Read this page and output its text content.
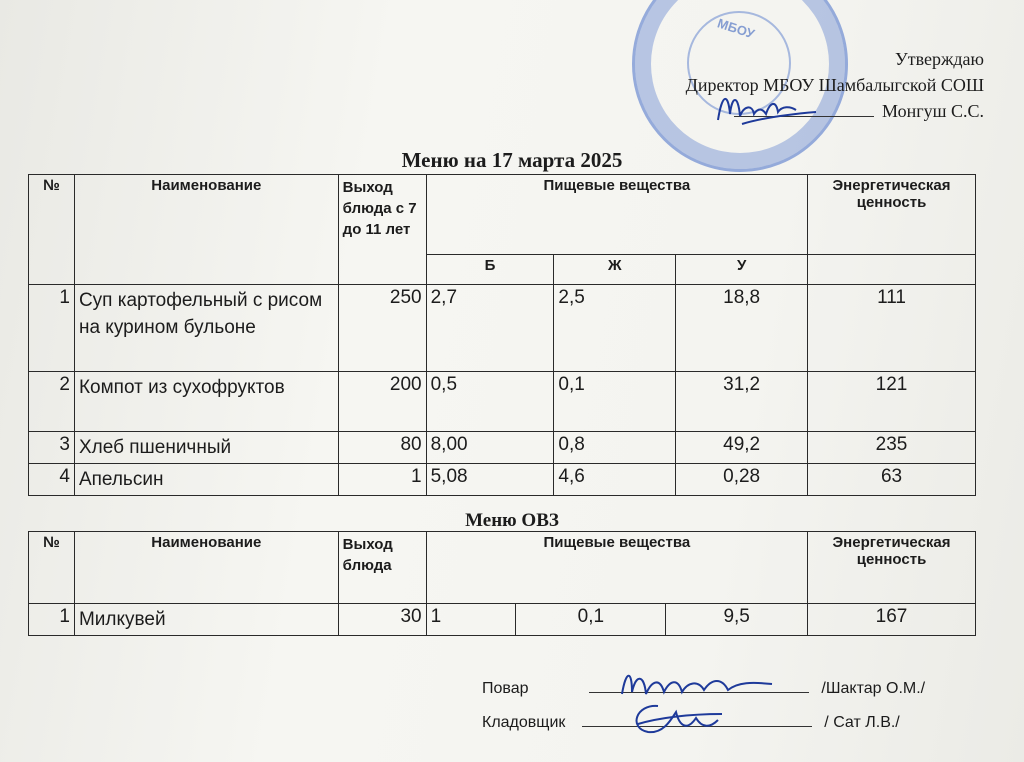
МБОУ
Утверждаю
Директор МБОУ Шамбалыгской СОШ
Монгуш С.С.
Меню на 17 марта 2025
№	Наименование	Выход блюда с 7 до 11 лет	Пищевые вещества			Энергетическая ценность
			Б	Ж	У	
1	Суп картофельный с рисом на курином бульоне	250	2,7	2,5	18,8	111
2	Компот из сухофруктов	200	0,5	0,1	31,2	121
3	Хлеб пшеничный	80	8,00	0,8	49,2	235
4	Апельсин	1	5,08	4,6	0,28	63
Меню ОВЗ
№	Наименование	Выход блюда	Пищевые вещества			Энергетическая ценность
1	Милкувей	30	1	0,1	9,5	167
Повар	/Шактар О.М./
Кладовщик	/ Сат Л.В./
